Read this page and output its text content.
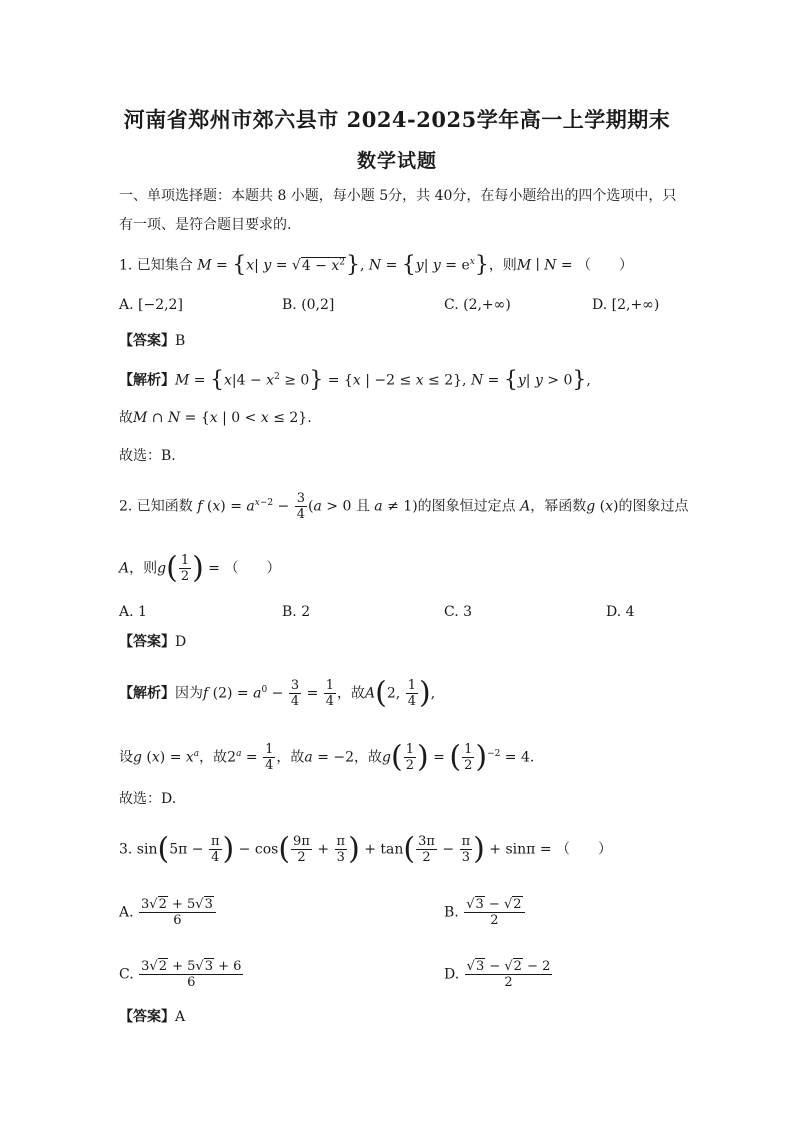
河南省郑州市郊六县市 2024-2025学年高一上学期期末
数学试题
一、单项选择题：本题共 8 小题，每小题 5分，共 40分，在每小题给出的四个选项中，只
有一项、是符合题目要求的.
1. 已知集合 M = {x| $y = √4 - x^2$}, N = {y| $y = e^x$}，则M ∣ N = （　　）
A. [−2,2]	B. (0,2]	C. (2,+∞)	D. [2,+∞)
【答案】B
【解析】$M = \{x|4 - x^2 \ge 0\} = \{x$ | −2 ≤ x ≤ 2}, N = {y| y > 0},
故M ∩ N = {x | 0 < x ≤ 2}.
故选：B.
2. 已知函数 f $(x) = a^{x-2} - \frac{3}{4} (a > 0$ 且 a ≠ 1)的图象恒过定点 A，幂函数g (x)的图象过点
A，则$g( \frac{1}{2}$ ) = （　　）
A. 1	B. 2	C. 3	D. 4
【答案】D
【解析】因为f $(2) = a^0 - \frac{3}{4} = \frac{1}{4}$ ，故A(2, $\frac{1}{4}$ ),
设g $(x) = x^a$，故$2^a = \frac{1}{4}$ ，故a = −2，故$g( \frac{1}{2}$ ) = ( $\frac{1}{2} )^{-2} = 4$.
故选：D.
3. $\sin(5\pi - \frac{\pi}{4}$ ) − $\cos( \frac{9\pi}{2} + \frac{\pi}{3}$ ) + $\tan( \frac{3\pi}{2} - \frac{\pi}{3}$ ) + sinπ = （　　）
A. $\frac{3√2 + 5√3}{6}$	B. $\frac{√3 - √2}{2}$
C. $\frac{3√2 + 5√3 + 6}{6}$	D. $\frac{√3 - √2 - 2}{2}$
【答案】A
